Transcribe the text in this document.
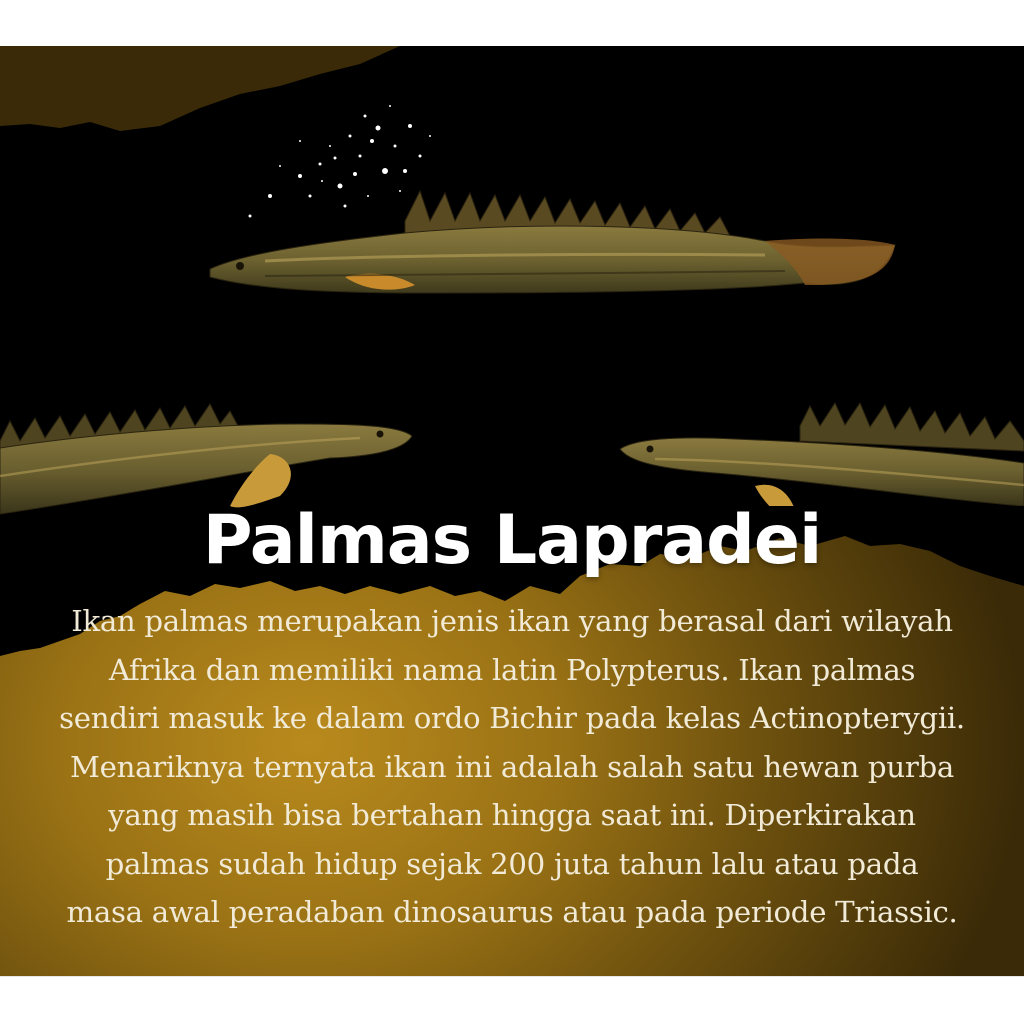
Palmas Lapradei
Ikan palmas merupakan jenis ikan yang berasal dari wilayah
Afrika dan memiliki nama latin Polypterus. Ikan palmas
sendiri masuk ke dalam ordo Bichir pada kelas Actinopterygii.
Menariknya ternyata ikan ini adalah salah satu hewan purba
yang masih bisa bertahan hingga saat ini. Diperkirakan
palmas sudah hidup sejak 200 juta tahun lalu atau pada
masa awal peradaban dinosaurus atau pada periode Triassic.
